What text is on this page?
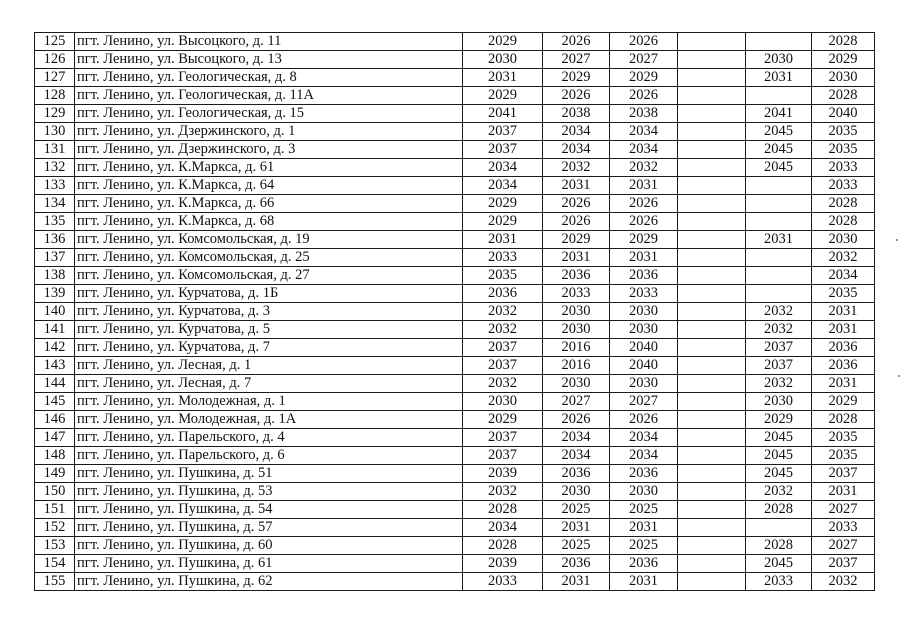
125	пгт. Ленино, ул. Высоцкого, д. 11	2029	2026	2026			2028
126	пгт. Ленино, ул. Высоцкого, д. 13	2030	2027	2027		2030	2029
127	пгт. Ленино, ул. Геологическая, д. 8	2031	2029	2029		2031	2030
128	пгт. Ленино, ул. Геологическая, д. 11А	2029	2026	2026			2028
129	пгт. Ленино, ул. Геологическая, д. 15	2041	2038	2038		2041	2040
130	пгт. Ленино, ул. Дзержинского, д. 1	2037	2034	2034		2045	2035
131	пгт. Ленино, ул. Дзержинского, д. 3	2037	2034	2034		2045	2035
132	пгт. Ленино, ул. К.Маркса, д. 61	2034	2032	2032		2045	2033
133	пгт. Ленино, ул. К.Маркса, д. 64	2034	2031	2031			2033
134	пгт. Ленино, ул. К.Маркса, д. 66	2029	2026	2026			2028
135	пгт. Ленино, ул. К.Маркса, д. 68	2029	2026	2026			2028
136	пгт. Ленино, ул. Комсомольская, д. 19	2031	2029	2029		2031	2030
137	пгт. Ленино, ул. Комсомольская, д. 25	2033	2031	2031			2032
138	пгт. Ленино, ул. Комсомольская, д. 27	2035	2036	2036			2034
139	пгт. Ленино, ул. Курчатова, д. 1Б	2036	2033	2033			2035
140	пгт. Ленино, ул. Курчатова, д. 3	2032	2030	2030		2032	2031
141	пгт. Ленино, ул. Курчатова, д. 5	2032	2030	2030		2032	2031
142	пгт. Ленино, ул. Курчатова, д. 7	2037	2016	2040		2037	2036
143	пгт. Ленино, ул. Лесная, д. 1	2037	2016	2040		2037	2036
144	пгт. Ленино, ул. Лесная, д. 7	2032	2030	2030		2032	2031
145	пгт. Ленино, ул. Молодежная, д. 1	2030	2027	2027		2030	2029
146	пгт. Ленино, ул. Молодежная, д. 1А	2029	2026	2026		2029	2028
147	пгт. Ленино, ул. Парельского, д. 4	2037	2034	2034		2045	2035
148	пгт. Ленино, ул. Парельского, д. 6	2037	2034	2034		2045	2035
149	пгт. Ленино, ул. Пушкина, д. 51	2039	2036	2036		2045	2037
150	пгт. Ленино, ул. Пушкина, д. 53	2032	2030	2030		2032	2031
151	пгт. Ленино, ул. Пушкина, д. 54	2028	2025	2025		2028	2027
152	пгт. Ленино, ул. Пушкина, д. 57	2034	2031	2031			2033
153	пгт. Ленино, ул. Пушкина, д. 60	2028	2025	2025		2028	2027
154	пгт. Ленино, ул. Пушкина, д. 61	2039	2036	2036		2045	2037
155	пгт. Ленино, ул. Пушкина, д. 62	2033	2031	2031		2033	2032
